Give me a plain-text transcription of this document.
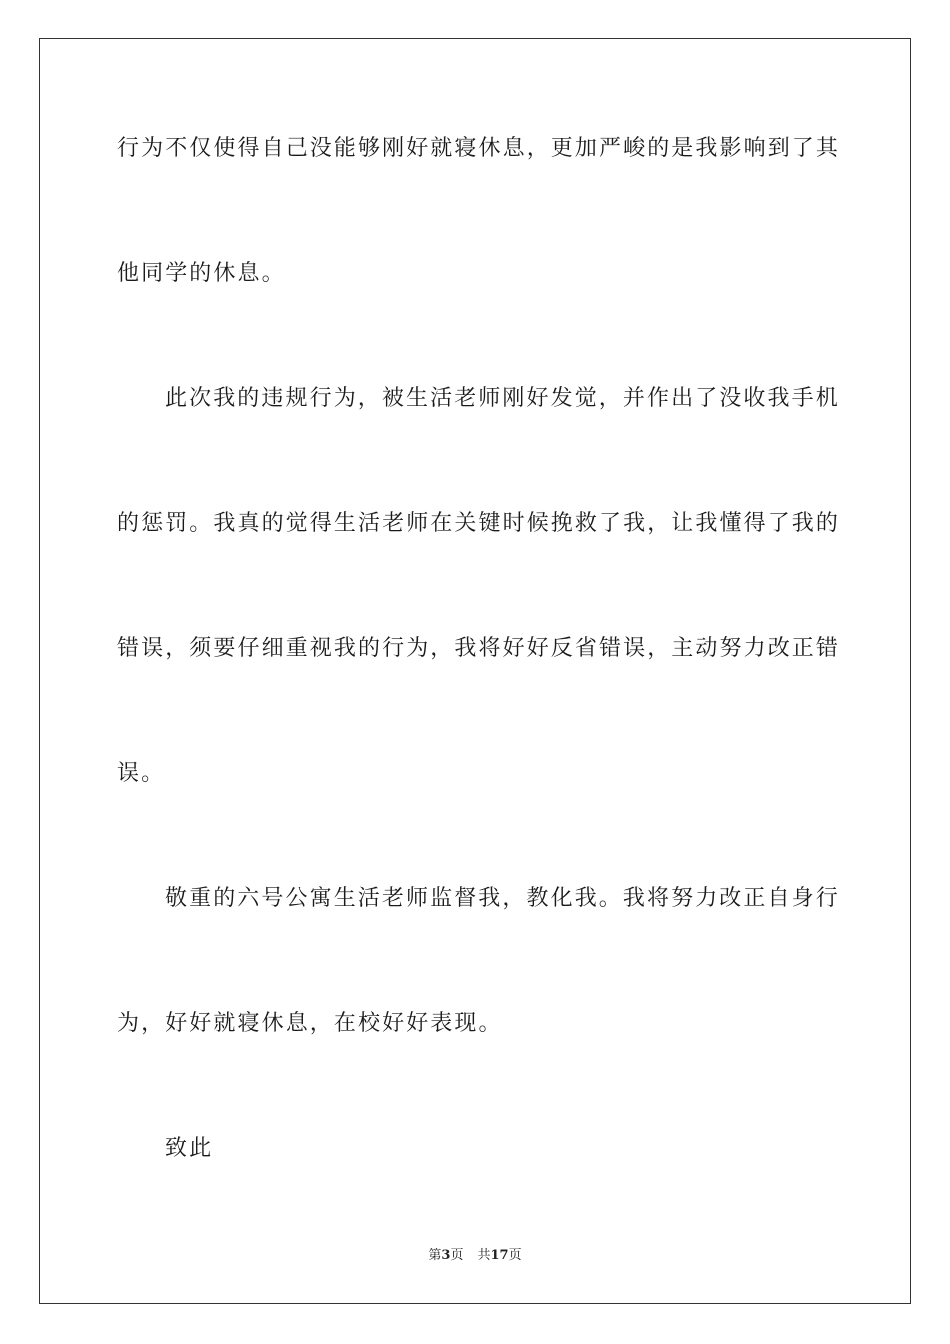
行为不仅使得自己没能够刚好就寝休息，更加严峻的是我影响到了其
他同学的休息。
此次我的违规行为，被生活老师刚好发觉，并作出了没收我手机
的惩罚。我真的觉得生活老师在关键时候挽救了我，让我懂得了我的
错误，须要仔细重视我的行为，我将好好反省错误，主动努力改正错
误。
敬重的六号公寓生活老师监督我，教化我。我将努力改正自身行
为，好好就寝休息，在校好好表现。
致此
第3页 共17页
